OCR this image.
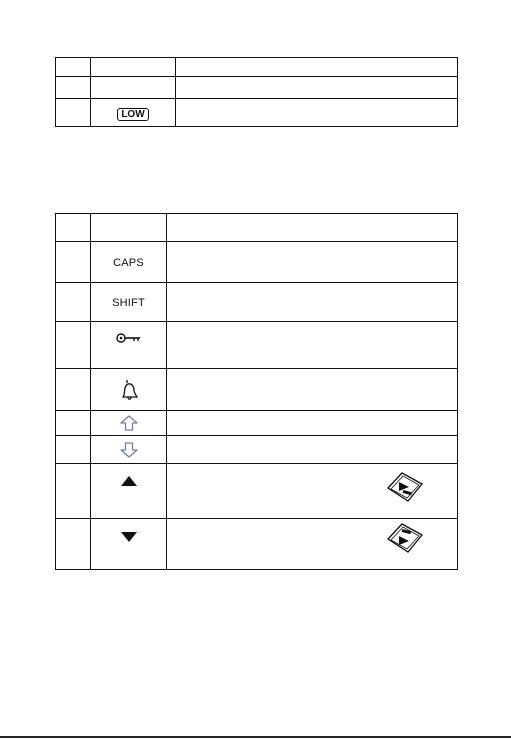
	LOW	

	CAPS	
	SHIFT	
